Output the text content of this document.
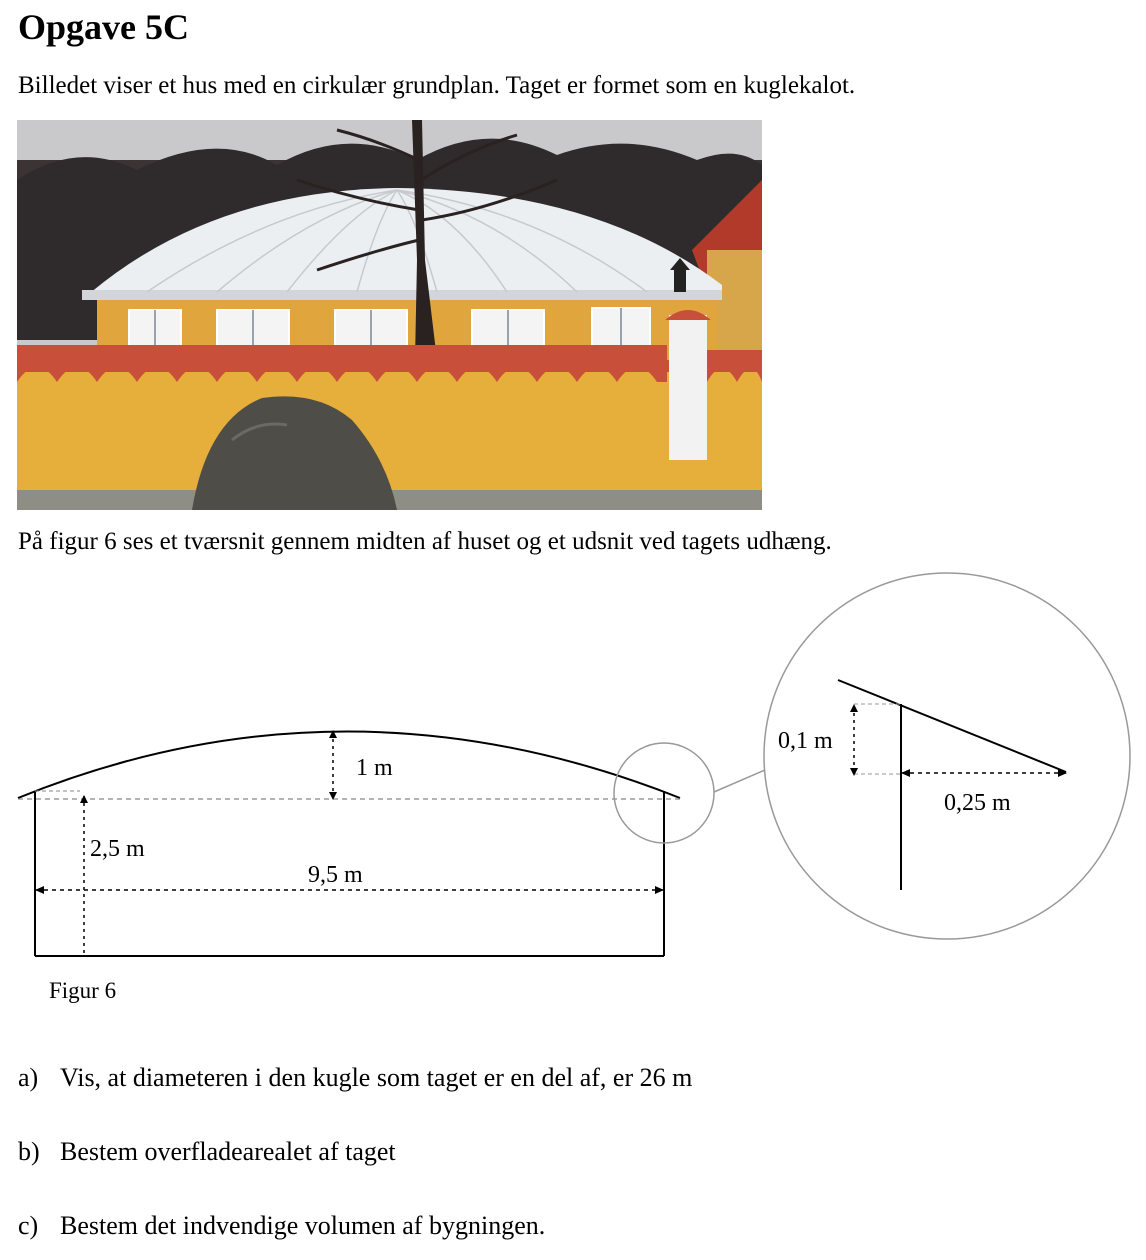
Opgave 5C
Billedet viser et hus med en cirkulær grundplan. Taget er formet som en kuglekalot.
På figur 6 ses et tværsnit gennem midten af huset og et udsnit ved tagets udhæng.
1 m
2,5 m
9,5 m
0,1 m
0,25 m
Figur 6
a) Vis, at diameteren i den kugle som taget er en del af, er 26 m
b) Bestem overfladearealet af taget
c) Bestem det indvendige volumen af bygningen.
